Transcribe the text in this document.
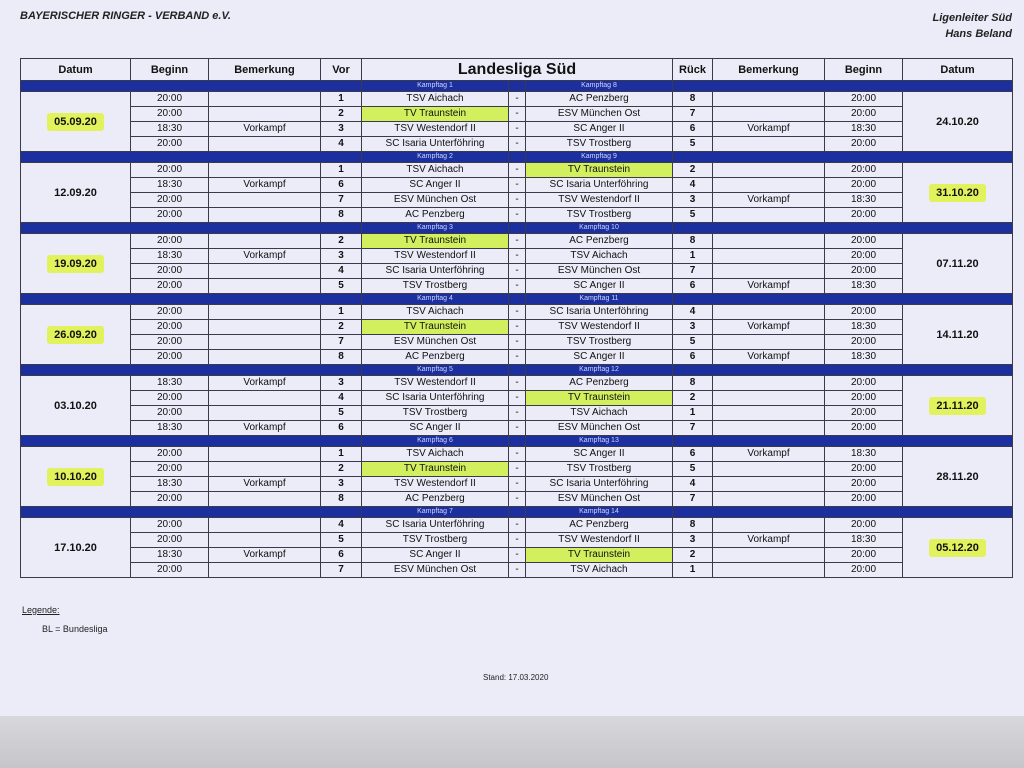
BAYERISCHER RINGER - VERBAND e.V.	Ligenleiter Süd
Hans Beland
Datum	Beginn	Bemerkung	Vor	Landesliga Süd			Rück	Bemerkung	Beginn	Datum
				Kampftag 1		Kampftag 8				
05.09.20	20:00		1	TSV Aichach	-	AC Penzberg	8		20:00	24.10.20
	20:00		2	TV Traunstein	-	ESV München Ost	7		20:00	
	18:30	Vorkampf	3	TSV Westendorf II	-	SC Anger II	6	Vorkampf	18:30	
	20:00		4	SC Isaria Unterföhring	-	TSV Trostberg	5		20:00	
				Kampftag 2		Kampftag 9				
12.09.20	20:00		1	TSV Aichach	-	TV Traunstein	2		20:00	31.10.20
	18:30	Vorkampf	6	SC Anger II	-	SC Isaria Unterföhring	4		20:00	
	20:00		7	ESV München Ost	-	TSV Westendorf II	3	Vorkampf	18:30	
	20:00		8	AC Penzberg	-	TSV Trostberg	5		20:00	
				Kampftag 3		Kampftag 10				
19.09.20	20:00		2	TV Traunstein	-	AC Penzberg	8		20:00	07.11.20
	18:30	Vorkampf	3	TSV Westendorf II	-	TSV Aichach	1		20:00	
	20:00		4	SC Isaria Unterföhring	-	ESV München Ost	7		20:00	
	20:00		5	TSV Trostberg	-	SC Anger II	6	Vorkampf	18:30	
				Kampftag 4		Kampftag 11				
26.09.20	20:00		1	TSV Aichach	-	SC Isaria Unterföhring	4		20:00	14.11.20
	20:00		2	TV Traunstein	-	TSV Westendorf II	3	Vorkampf	18:30	
	20:00		7	ESV München Ost	-	TSV Trostberg	5		20:00	
	20:00		8	AC Penzberg	-	SC Anger II	6	Vorkampf	18:30	
				Kampftag 5		Kampftag 12				
03.10.20	18:30	Vorkampf	3	TSV Westendorf II	-	AC Penzberg	8		20:00	21.11.20
	20:00		4	SC Isaria Unterföhring	-	TV Traunstein	2		20:00	
	20:00		5	TSV Trostberg	-	TSV Aichach	1		20:00	
	18:30	Vorkampf	6	SC Anger II	-	ESV München Ost	7		20:00	
				Kampftag 6		Kampftag 13				
10.10.20	20:00		1	TSV Aichach	-	SC Anger II	6	Vorkampf	18:30	28.11.20
	20:00		2	TV Traunstein	-	TSV Trostberg	5		20:00	
	18:30	Vorkampf	3	TSV Westendorf II	-	SC Isaria Unterföhring	4		20:00	
	20:00		8	AC Penzberg	-	ESV München Ost	7		20:00	
				Kampftag 7		Kampftag 14				
17.10.20	20:00		4	SC Isaria Unterföhring	-	AC Penzberg	8		20:00	05.12.20
	20:00		5	TSV Trostberg	-	TSV Westendorf II	3	Vorkampf	18:30	
	18:30	Vorkampf	6	SC Anger II	-	TV Traunstein	2		20:00	
	20:00		7	ESV München Ost	-	TSV Aichach	1		20:00	
Legende:
BL = Bundesliga
Stand: 17.03.2020
